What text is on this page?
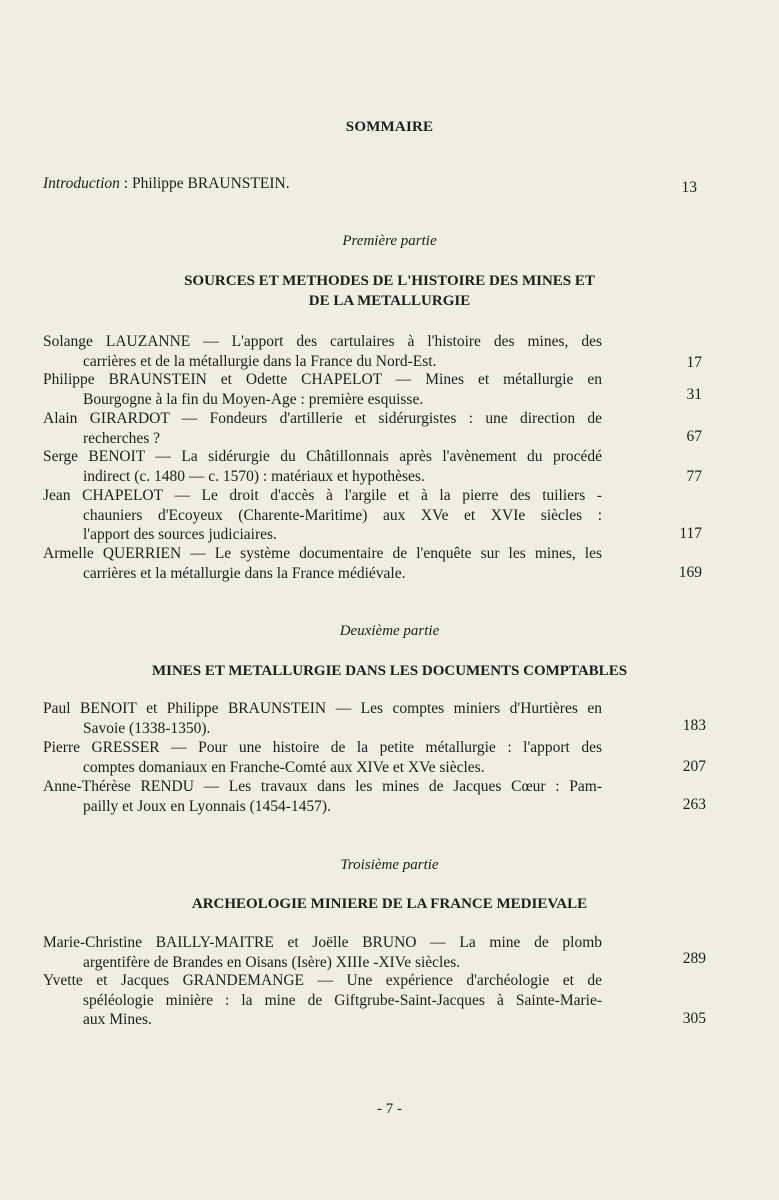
SOMMAIRE
Introduction : Philippe BRAUNSTEIN.	13
Première partie
SOURCES ET METHODES DE L'HISTOIRE DES MINES ET
DE LA METALLURGIE
Solange LAUZANNE — L'apport des cartulaires à l'histoire des mines, des
carrières et de la métallurgie dans la France du Nord-Est.	17
Philippe BRAUNSTEIN et Odette CHAPELOT — Mines et métallurgie en
Bourgogne à la fin du Moyen-Age : première esquisse.	31
Alain GIRARDOT — Fondeurs d'artillerie et sidérurgistes : une direction de
recherches ?	67
Serge BENOIT — La sidérurgie du Châtillonnais après l'avènement du procédé
indirect (c. 1480 — c. 1570) : matériaux et hypothèses.	77
Jean CHAPELOT — Le droit d'accès à l'argile et à la pierre des tuiliers -
chauniers d'Ecoyeux (Charente-Maritime) aux XVe et XVIe siècles :
l'apport des sources judiciaires.	117
Armelle QUERRIEN — Le système documentaire de l'enquête sur les mines, les
carrières et la métallurgie dans la France médiévale.	169
Deuxième partie
MINES ET METALLURGIE DANS LES DOCUMENTS COMPTABLES
Paul BENOIT et Philippe BRAUNSTEIN — Les comptes miniers d'Hurtières en
Savoie (1338-1350).	183
Pierre GRESSER — Pour une histoire de la petite métallurgie : l'apport des
comptes domaniaux en Franche-Comté aux XIVe et XVe siècles.	207
Anne-Thérèse RENDU — Les travaux dans les mines de Jacques Cœur : Pam-
pailly et Joux en Lyonnais (1454-1457).	263
Troisième partie
ARCHEOLOGIE MINIERE DE LA FRANCE MEDIEVALE
Marie-Christine BAILLY-MAITRE et Joëlle BRUNO — La mine de plomb
argentifère de Brandes en Oisans (Isère) XIIIe -XIVe siècles.	289
Yvette et Jacques GRANDEMANGE — Une expérience d'archéologie et de
spéléologie minière : la mine de Giftgrube-Saint-Jacques à Sainte-Marie-
aux Mines.	305
- 7 -
